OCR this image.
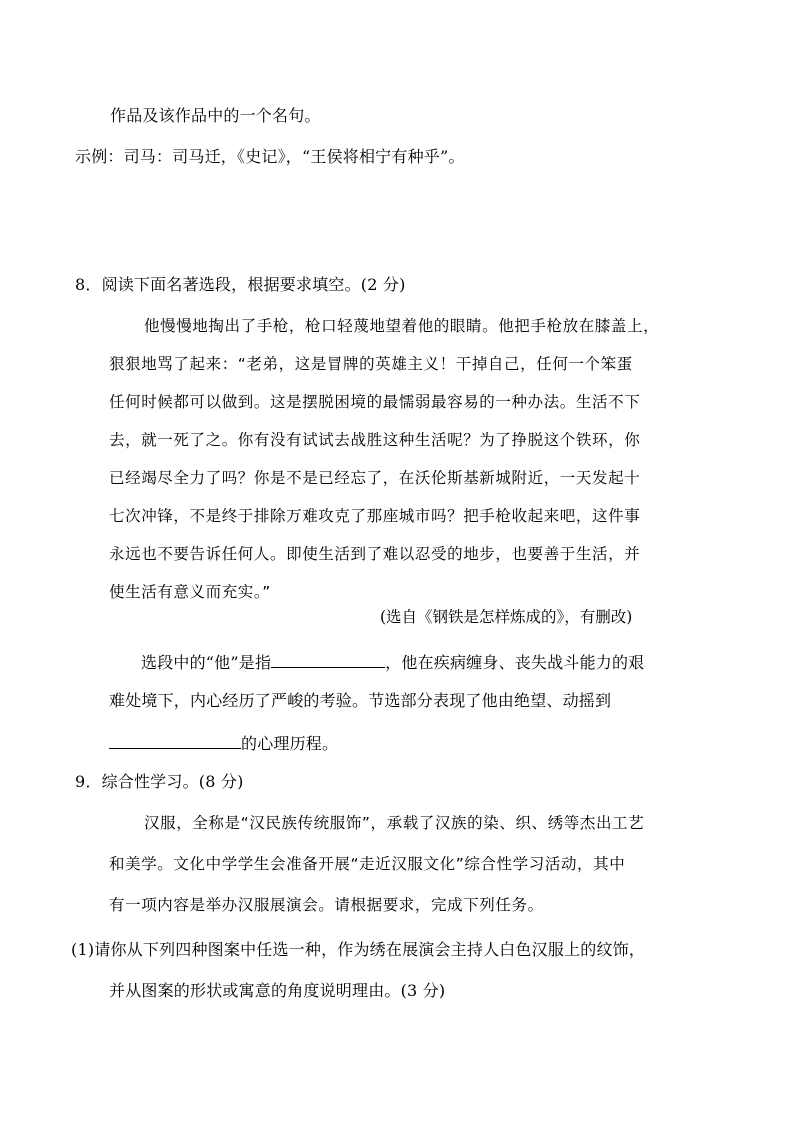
作品及该作品中的一个名句。
示例：司马：司马迁，《史记》，“王侯将相宁有种乎”。
8．阅读下面名著选段，根据要求填空。(2 分)
他慢慢地掏出了手枪，枪口轻蔑地望着他的眼睛。他把手枪放在膝盖上，
狠狠地骂了起来：“老弟，这是冒牌的英雄主义！干掉自己，任何一个笨蛋
任何时候都可以做到。这是摆脱困境的最懦弱最容易的一种办法。生活不下
去，就一死了之。你有没有试试去战胜这种生活呢？为了挣脱这个铁环，你
已经竭尽全力了吗？你是不是已经忘了，在沃伦斯基新城附近，一天发起十
七次冲锋，不是终于排除万难攻克了那座城市吗？把手枪收起来吧，这件事
永远也不要告诉任何人。即使生活到了难以忍受的地步，也要善于生活，并
使生活有意义而充实。”
(选自《钢铁是怎样炼成的》，有删改)
选段中的“他”是指	，他在疾病缠身、丧失战斗能力的艰
难处境下，内心经历了严峻的考验。节选部分表现了他由绝望、动摇到
的心理历程。
9．综合性学习。(8 分)
汉服，全称是“汉民族传统服饰”，承载了汉族的染、织、绣等杰出工艺
和美学。文化中学学生会准备开展“走近汉服文化”综合性学习活动，其中
有一项内容是举办汉服展演会。请根据要求，完成下列任务。
(1)请你从下列四种图案中任选一种，作为绣在展演会主持人白色汉服上的纹饰，
并从图案的形状或寓意的角度说明理由。(3 分)
